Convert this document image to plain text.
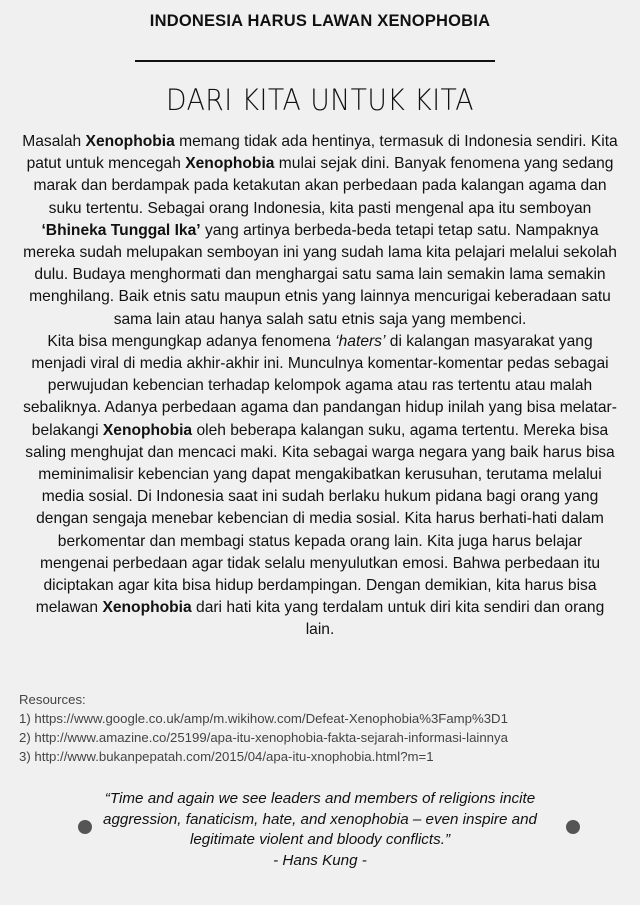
INDONESIA HARUS LAWAN XENOPHOBIA
DARI KITA UNTUK KITA

Masalah Xenophobia memang tidak ada hentinya, termasuk di Indonesia sendiri. Kita patut untuk mencegah Xenophobia mulai sejak dini. Banyak fenomena yang sedang marak dan berdampak pada ketakutan akan perbedaan pada kalangan agama dan suku tertentu. Sebagai orang Indonesia, kita pasti mengenal apa itu semboyan ‘Bhineka Tunggal Ika’ yang artinya berbeda-beda tetapi tetap satu. Nampaknya mereka sudah melupakan semboyan ini yang sudah lama kita pelajari melalui sekolah dulu. Budaya menghormati dan menghargai satu sama lain semakin lama semakin menghilang. Baik etnis satu maupun etnis yang lainnya mencurigai keberadaan satu sama lain atau hanya salah satu etnis saja yang membenci.

Kita bisa mengungkap adanya fenomena ‘haters’ di kalangan masyarakat yang menjadi viral di media akhir-akhir ini. Munculnya komentar-komentar pedas sebagai perwujudan kebencian terhadap kelompok agama atau ras tertentu atau malah sebaliknya. Adanya perbedaan agama dan pandangan hidup inilah yang bisa melatar-belakangi Xenophobia oleh beberapa kalangan suku, agama tertentu. Mereka bisa saling menghujat dan mencaci maki. Kita sebagai warga negara yang baik harus bisa meminimalisir kebencian yang dapat mengakibatkan kerusuhan, terutama melalui media sosial. Di Indonesia saat ini sudah berlaku hukum pidana bagi orang yang dengan sengaja menebar kebencian di media sosial. Kita harus berhati-hati dalam berkomentar dan membagi status kepada orang lain. Kita juga harus belajar mengenai perbedaan agar tidak selalu menyulutkan emosi. Bahwa perbedaan itu diciptakan agar kita bisa hidup berdampingan. Dengan demikian, kita harus bisa melawan Xenophobia dari hati kita yang terdalam untuk diri kita sendiri dan orang lain.

Resources:
1) https://www.google.co.uk/amp/m.wikihow.com/Defeat-Xenophobia%3Famp%3D1
2) http://www.amazine.co/25199/apa-itu-xenophobia-fakta-sejarah-informasi-lainnya
3) http://www.bukanpepatah.com/2015/04/apa-itu-xnophobia.html?m=1
“Time and again we see leaders and members of religions incite aggression, fanaticism, hate, and xenophobia – even inspire and legitimate violent and bloody conflicts.”
- Hans Kung -
